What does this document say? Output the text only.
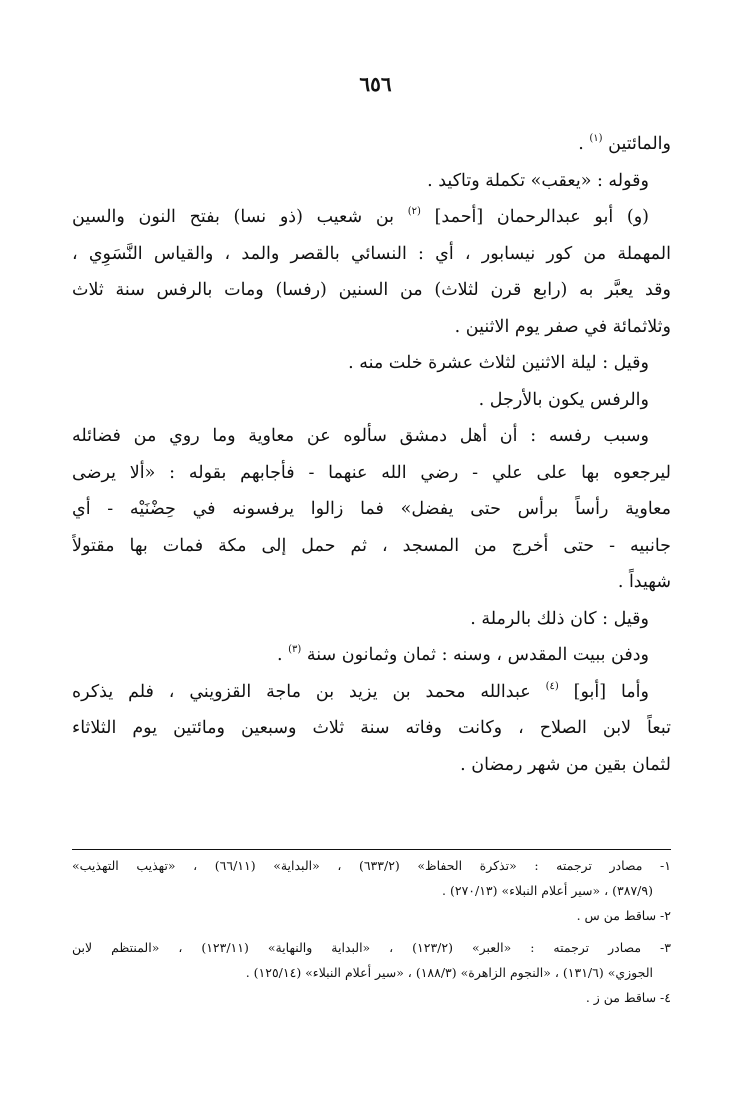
٦٥٦
والمائتين $^{(١)}$ .
وقوله : «يعقب» تكملة وتاكيد .
(و) أبو عبدالرحمان [أحمد] $^{(٢)}$ بن شعيب (ذو نسا) بفتح النون والسين
المهملة من كور نيسابور ، أي : النسائي بالقصر والمد ، والقياس النَّسَوِي ،
وقد يعبَّر به (رابع قرن لثلاث) من السنين (رفسا) ومات بالرفس سنة ثلاث
وثلاثمائة في صفر يوم الاثنين .
وقيل : ليلة الاثنين لثلاث عشرة خلت منه .
والرفس يكون بالأرجل .
وسبب رفسه : أن أهل دمشق سألوه عن معاوية وما روي من فضائله
ليرجعوه بها على علي - رضي الله عنهما - فأجابهم بقوله : «ألا يرضى
معاوية رأساً برأس حتى يفضل» فما زالوا يرفسونه في حِضْنَيْه - أي
جانبيه - حتى أخرج من المسجد ، ثم حمل إلى مكة فمات بها مقتولاً
شهيداً .
وقيل : كان ذلك بالرملة .
ودفن ببيت المقدس ، وسنه : ثمان وثمانون سنة $^{(٣)}$ .
وأما [أبو] $^{(٤)}$ عبدالله محمد بن يزيد بن ماجة القزويني ، فلم يذكره
تبعاً لابن الصلاح ، وكانت وفاته سنة ثلاث وسبعين ومائتين يوم الثلاثاء
لثمان بقين من شهر رمضان .
١- مصادر ترجمته : «تذكرة الحفاظ» (٦٣٣/٢) ، «البداية» (٦٦/١١) ، «تهذيب التهذيب»
(٣٨٧/٩) ، «سير أعلام النبلاء» (٢٧٠/١٣) .
٢- ساقط من س .
٣- مصادر ترجمته : «العبر» (١٢٣/٢) ، «البداية والنهاية» (١٢٣/١١) ، «المنتظم لابن
الجوزي» (١٣١/٦) ، «النجوم الزاهرة» (١٨٨/٣) ، «سير أعلام النبلاء» (١٢٥/١٤) .
٤- ساقط من ز .
